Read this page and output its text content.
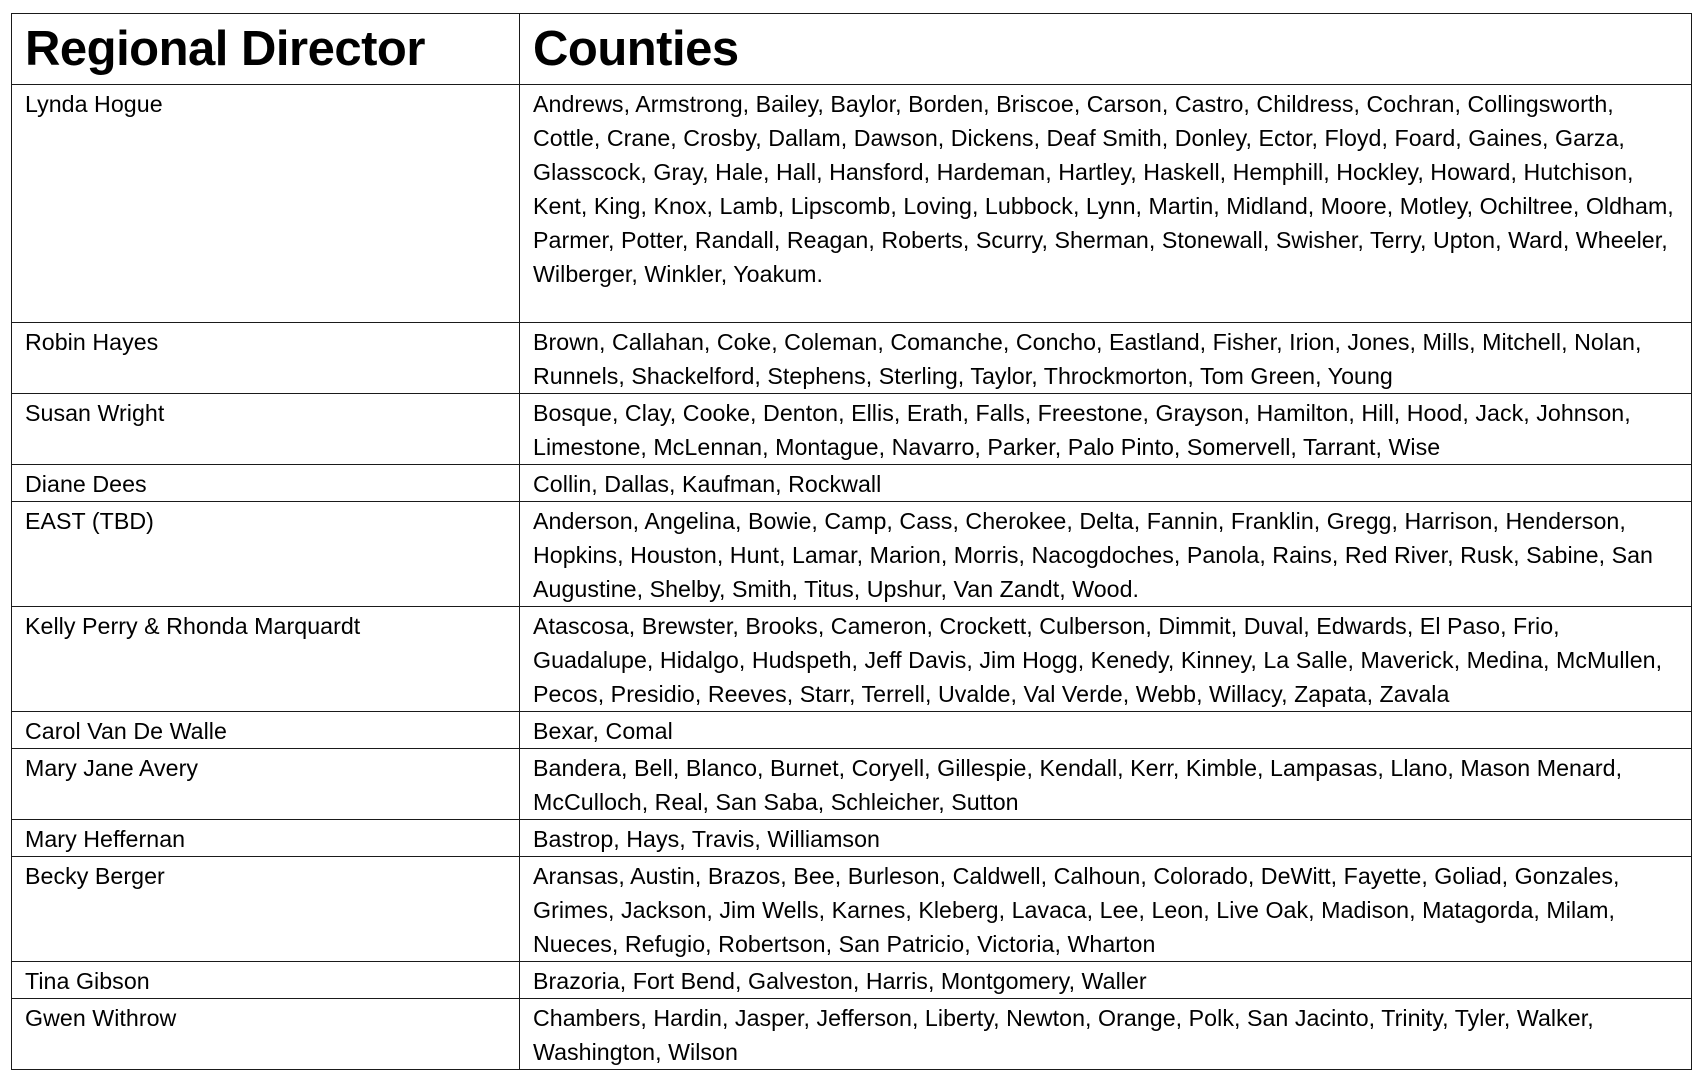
Regional Director	Counties
Lynda Hogue	Andrews, Armstrong, Bailey, Baylor, Borden, Briscoe, Carson, Castro, Childress, Cochran, Collingsworth, Cottle, Crane, Crosby, Dallam, Dawson, Dickens, Deaf Smith, Donley, Ector, Floyd, Foard, Gaines, Garza, Glasscock, Gray, Hale, Hall, Hansford, Hardeman, Hartley, Haskell, Hemphill, Hockley, Howard, Hutchison, Kent, King, Knox, Lamb, Lipscomb, Loving, Lubbock, Lynn, Martin, Midland, Moore, Motley, Ochiltree, Oldham, Parmer, Potter, Randall, Reagan, Roberts, Scurry, Sherman, Stonewall, Swisher, Terry, Upton, Ward, Wheeler, Wilberger, Winkler, Yoakum.
Robin Hayes	Brown, Callahan, Coke, Coleman, Comanche, Concho, Eastland, Fisher, Irion, Jones, Mills, Mitchell, Nolan, Runnels, Shackelford, Stephens, Sterling, Taylor, Throckmorton, Tom Green, Young
Susan Wright	Bosque, Clay, Cooke, Denton, Ellis, Erath, Falls, Freestone, Grayson, Hamilton, Hill, Hood, Jack, Johnson, Limestone, McLennan, Montague, Navarro, Parker, Palo Pinto, Somervell, Tarrant, Wise
Diane Dees	Collin, Dallas, Kaufman, Rockwall
EAST (TBD)	Anderson, Angelina, Bowie, Camp, Cass, Cherokee, Delta, Fannin, Franklin, Gregg, Harrison, Henderson, Hopkins, Houston, Hunt, Lamar, Marion, Morris, Nacogdoches, Panola, Rains, Red River, Rusk, Sabine, San Augustine, Shelby, Smith, Titus, Upshur, Van Zandt, Wood.
Kelly Perry & Rhonda Marquardt	Atascosa, Brewster, Brooks, Cameron, Crockett, Culberson, Dimmit, Duval, Edwards, El Paso, Frio, Guadalupe, Hidalgo, Hudspeth, Jeff Davis, Jim Hogg, Kenedy, Kinney, La Salle, Maverick, Medina, McMullen, Pecos, Presidio, Reeves, Starr, Terrell, Uvalde, Val Verde, Webb, Willacy, Zapata, Zavala
Carol Van De Walle	Bexar, Comal
Mary Jane Avery	Bandera, Bell, Blanco, Burnet, Coryell, Gillespie, Kendall, Kerr, Kimble, Lampasas, Llano, Mason Menard, McCulloch, Real, San Saba, Schleicher, Sutton
Mary Heffernan	Bastrop, Hays, Travis, Williamson
Becky Berger	Aransas, Austin, Brazos, Bee, Burleson, Caldwell, Calhoun, Colorado, DeWitt, Fayette, Goliad, Gonzales, Grimes, Jackson, Jim Wells, Karnes, Kleberg, Lavaca, Lee, Leon, Live Oak, Madison, Matagorda, Milam, Nueces, Refugio, Robertson, San Patricio, Victoria, Wharton
Tina Gibson	Brazoria, Fort Bend, Galveston, Harris, Montgomery, Waller
Gwen Withrow	Chambers, Hardin, Jasper, Jefferson, Liberty, Newton, Orange, Polk, San Jacinto, Trinity, Tyler, Walker, Washington, Wilson
